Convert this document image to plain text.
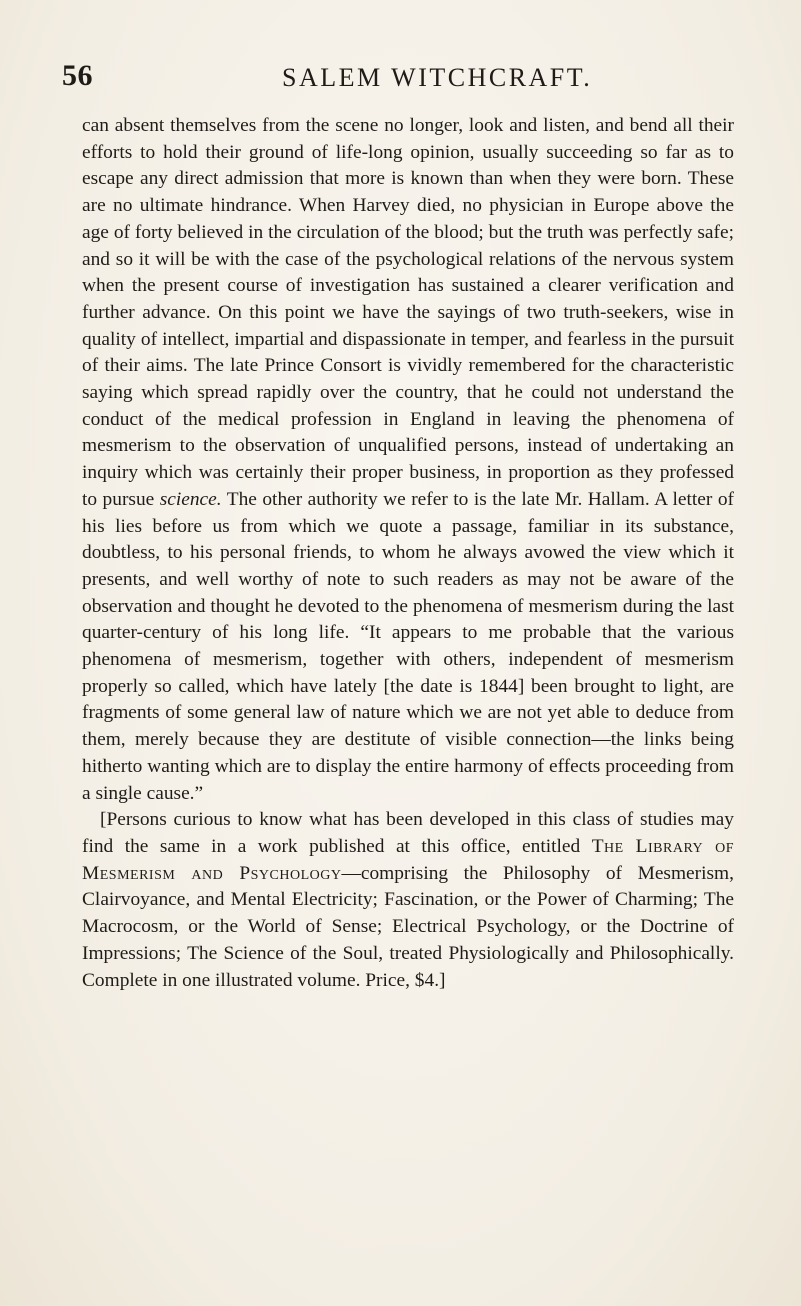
56	SALEM WITCHCRAFT.

can absent themselves from the scene no longer, look and listen, and bend all their efforts to hold their ground of life-long opinion, usually succeeding so far as to escape any direct admission that more is known than when they were born. These are no ultimate hindrance. When Harvey died, no physician in Europe above the age of forty believed in the circulation of the blood; but the truth was perfectly safe; and so it will be with the case of the psychological relations of the nervous system when the present course of investigation has sustained a clearer verification and further advance. On this point we have the sayings of two truth-seekers, wise in quality of intellect, impartial and dispassionate in temper, and fearless in the pursuit of their aims. The late Prince Consort is vividly remembered for the characteristic saying which spread rapidly over the country, that he could not understand the conduct of the medical profession in England in leaving the phenomena of mesmerism to the observation of unqualified persons, instead of undertaking an inquiry which was certainly their proper business, in proportion as they professed to pursue science. The other authority we refer to is the late Mr. Hallam. A letter of his lies before us from which we quote a passage, familiar in its substance, doubtless, to his personal friends, to whom he always avowed the view which it presents, and well worthy of note to such readers as may not be aware of the observation and thought he devoted to the phenomena of mesmerism during the last quarter-century of his long life. “It appears to me probable that the various phenomena of mesmerism, together with others, independent of mesmerism properly so called, which have lately [the date is 1844] been brought to light, are fragments of some general law of nature which we are not yet able to deduce from them, merely because they are destitute of visible connection—the links being hitherto wanting which are to display the entire harmony of effects proceeding from a single cause.”

[Persons curious to know what has been developed in this class of studies may find the same in a work published at this office, entitled The Library of Mesmerism and Psychology—comprising the Philosophy of Mesmerism, Clairvoyance, and Mental Electricity; Fascination, or the Power of Charming; The Macrocosm, or the World of Sense; Electrical Psychology, or the Doctrine of Impressions; The Science of the Soul, treated Physiologically and Philosophically. Complete in one illustrated volume. Price, $4.]
